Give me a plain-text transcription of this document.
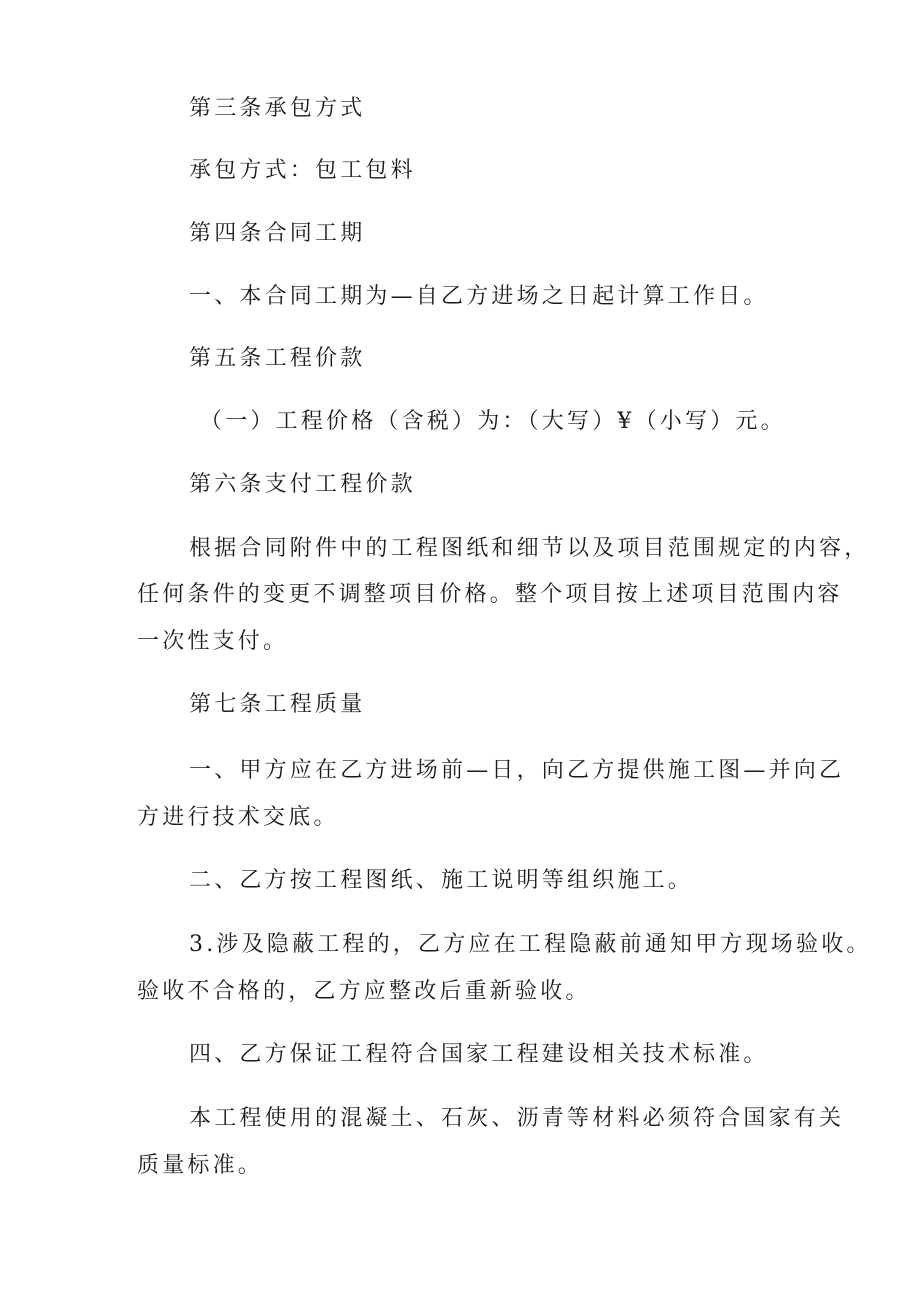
第三条承包方式
承包方式：包工包料
第四条合同工期
一、本合同工期为—自乙方进场之日起计算工作日。
第五条工程价款
（一）工程价格（含税）为：（大写）¥（小写）元。
第六条支付工程价款
根据合同附件中的工程图纸和细节以及项目范围规定的内容，
任何条件的变更不调整项目价格。整个项目按上述项目范围内容
一次性支付。
第七条工程质量
一、甲方应在乙方进场前—日，向乙方提供施工图—并向乙
方进行技术交底。
二、乙方按工程图纸、施工说明等组织施工。
3.涉及隐蔽工程的，乙方应在工程隐蔽前通知甲方现场验收。
验收不合格的，乙方应整改后重新验收。
四、乙方保证工程符合国家工程建设相关技术标准。
本工程使用的混凝土、石灰、沥青等材料必须符合国家有关
质量标准。
